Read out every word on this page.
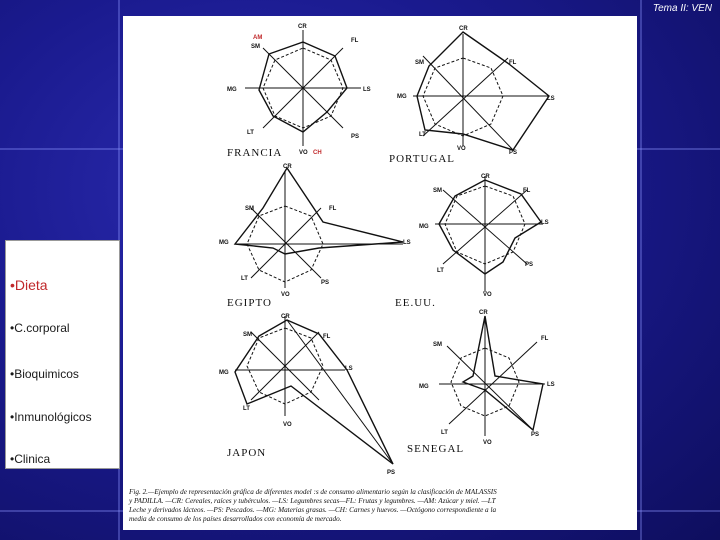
Tema II: VEN
•Dieta
•C.corporal
•Bioquimicos
•Inmunológicos
•Clinica
CR
FL
LS
PS
VO
LT
MG
SM
AM
CH
CR
FL
LS
PS
VO
LT
MG
SM
CR
FL
LS
PS
VO
LT
MG
SM
CR
FL
LS
PS
VO
LT
MG
SM
CR
FL
LS
PS
VO
LT
MG
SM
CR
FL
LS
PS
VO
LT
MG
SM
FRANCIA	PORTUGAL
EGIPTO	EE.UU.
JAPON	SENEGAL
Fig. 2.—Ejemplo de representación gráfica de diferentes model :s de consumo alimentario según la clasificación de MALASSIS
y PADILLA. —CR: Cereales, raíces y tubérculos. —LS: Legumbres secas—FL: Frutas y legumbres. —AM: Azúcar y miel. —LT
Leche y derivados lácteos. —PS: Pescados. —MG: Materias grasas. —CH: Carnes y huevos. —Octógono correspondiente a la
media de consumo de los países desarrollados con economía de mercado.
